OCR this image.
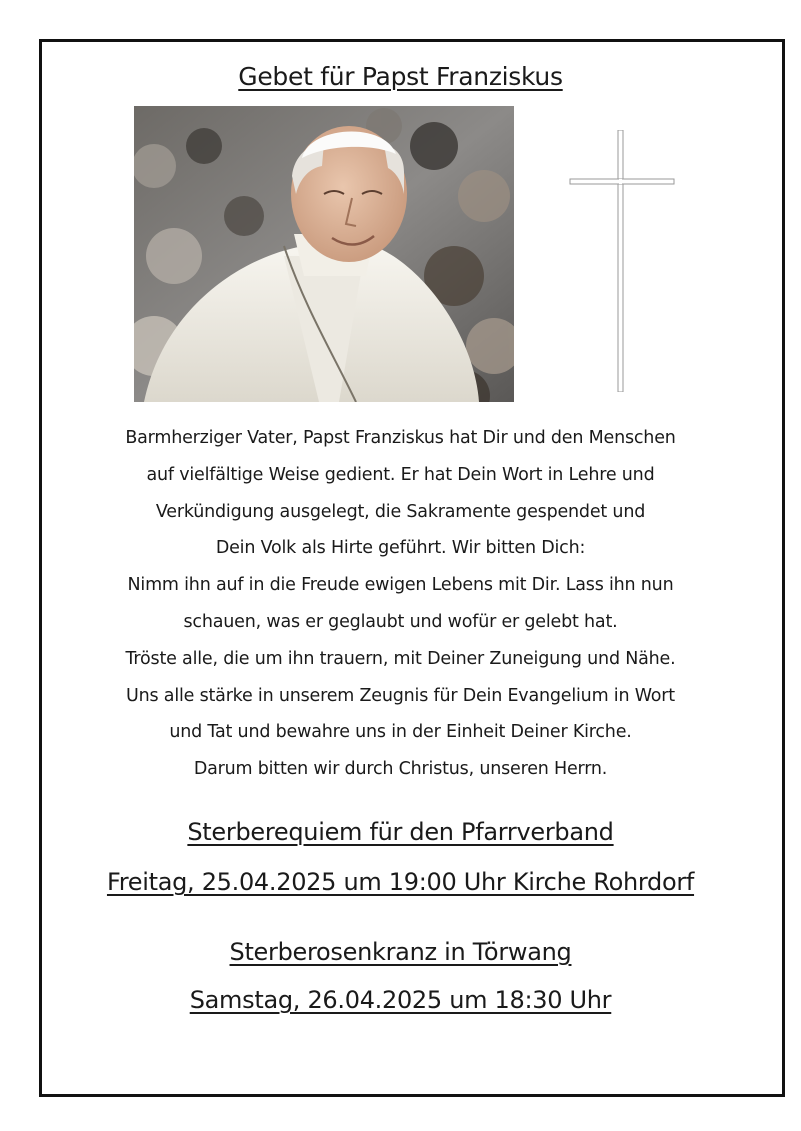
Gebet für Papst Franziskus
Barmherziger Vater, Papst Franziskus hat Dir und den Menschen
auf vielfältige Weise gedient. Er hat Dein Wort in Lehre und
Verkündigung ausgelegt, die Sakramente gespendet und
Dein Volk als Hirte geführt. Wir bitten Dich:
Nimm ihn auf in die Freude ewigen Lebens mit Dir. Lass ihn nun
schauen, was er geglaubt und wofür er gelebt hat.
Tröste alle, die um ihn trauern, mit Deiner Zuneigung und Nähe.
Uns alle stärke in unserem Zeugnis für Dein Evangelium in Wort
und Tat und bewahre uns in der Einheit Deiner Kirche.
Darum bitten wir durch Christus, unseren Herrn.
Sterberequiem für den Pfarrverband
Freitag, 25.04.2025 um 19:00 Uhr Kirche Rohrdorf
Sterberosenkranz in Törwang
Samstag, 26.04.2025 um 18:30 Uhr
